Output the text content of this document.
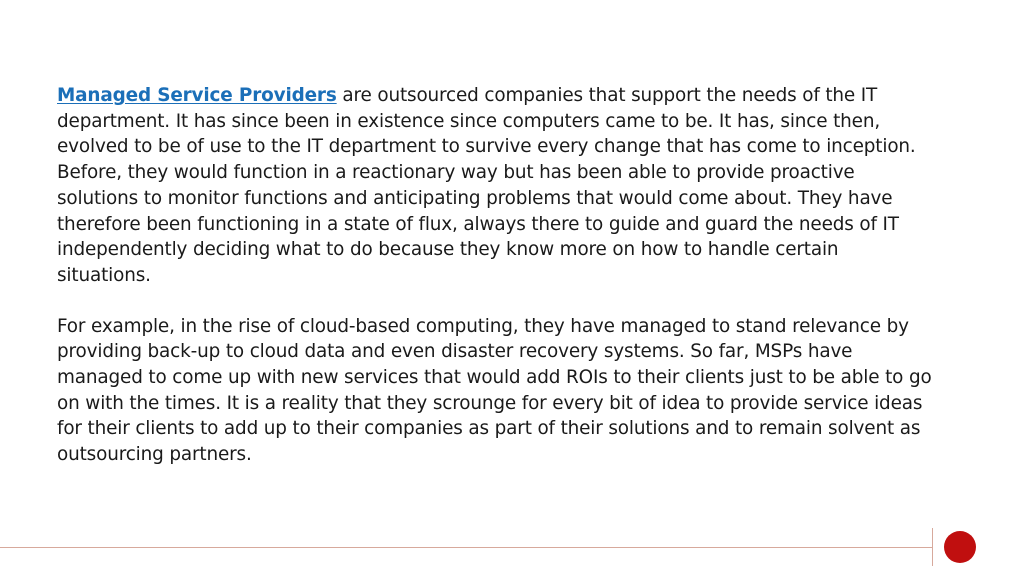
Managed Service Providers are outsourced companies that support the needs of the IT department. It has since been in existence since computers came to be. It has, since then, evolved to be of use to the IT department to survive every change that has come to inception. Before, they would function in a reactionary way but has been able to provide proactive solutions to monitor functions and anticipating problems that would come about. They have therefore been functioning in a state of flux, always there to guide and guard the needs of IT independently deciding what to do because they know more on how to handle certain situations.

For example, in the rise of cloud-based computing, they have managed to stand relevance by providing back-up to cloud data and even disaster recovery systems. So far, MSPs have managed to come up with new services that would add ROIs to their clients just to be able to go on with the times. It is a reality that they scrounge for every bit of idea to provide service ideas for their clients to add up to their companies as part of their solutions and to remain solvent as outsourcing partners.
